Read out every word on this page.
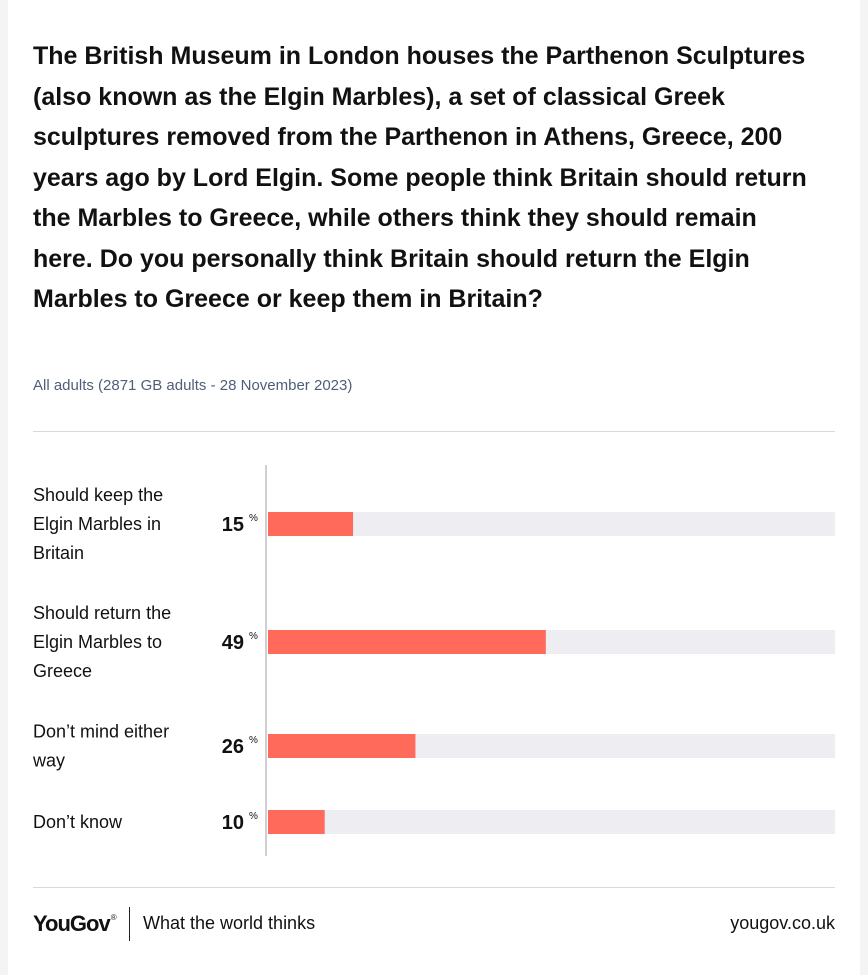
The British Museum in London houses the Parthenon Sculptures (also known as the Elgin Marbles), a set of classical Greek sculptures removed from the Parthenon in Athens, Greece, 200 years ago by Lord Elgin. Some people think Britain should return the Marbles to Greece, while others think they should remain here. Do you personally think Britain should return the Elgin Marbles to Greece or keep them in Britain?
All adults (2871 GB adults - 28 November 2023)
15 %
Should keep the Elgin Marbles in Britain
49 %
Should return the Elgin Marbles to Greece
26 %
Don’t mind either way
10 %
Don’t know
YouGov® What the world thinks	yougov.co.uk
